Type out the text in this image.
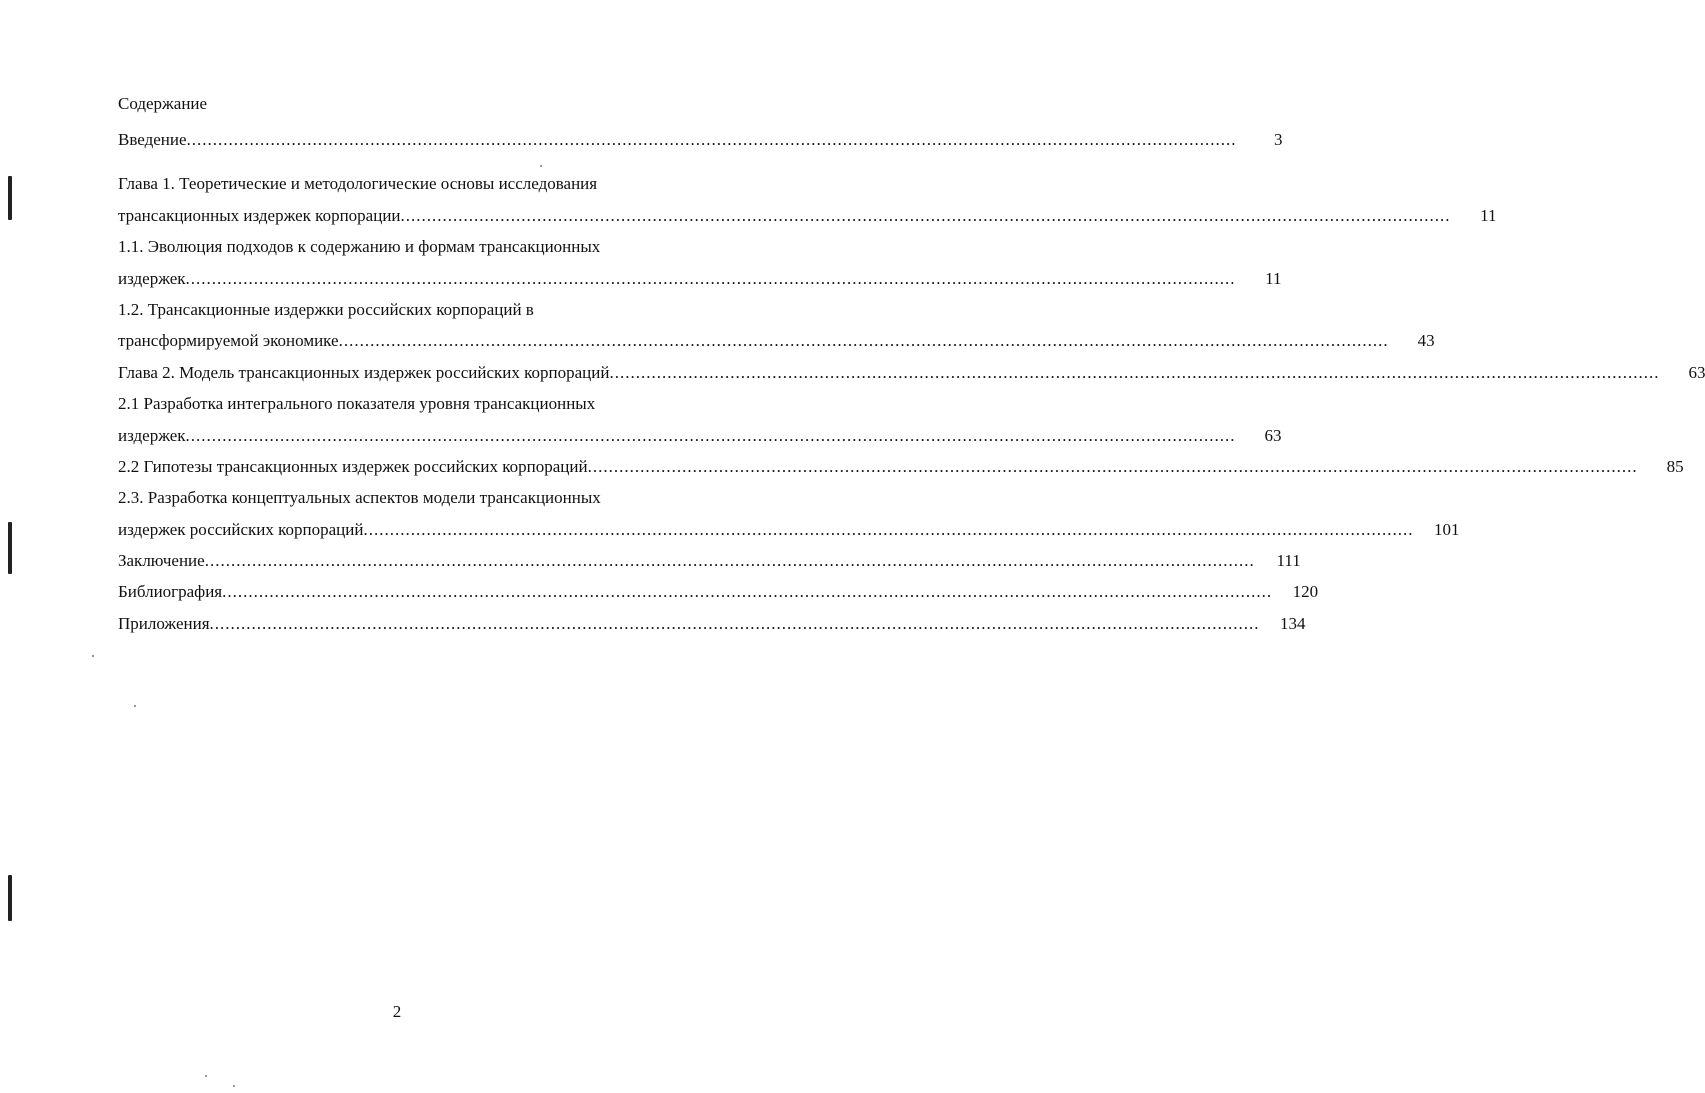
Содержание
Введение ........................................................................................................................................................................................................	3
Глава 1. Теоретические и методологические основы исследования
трансакционных издержек корпорации ........................................................................................................................................................................................................	11
1.1. Эволюция подходов к содержанию и формам трансакционных
издержек ........................................................................................................................................................................................................	11
1.2. Трансакционные издержки российских корпораций в
трансформируемой экономике ........................................................................................................................................................................................................	43
Глава 2. Модель трансакционных издержек российских корпораций ........................................................................................................................................................................................................	63
2.1 Разработка интегрального показателя уровня трансакционных
издержек ........................................................................................................................................................................................................	63
2.2 Гипотезы трансакционных издержек российских корпораций ........................................................................................................................................................................................................	85
2.3. Разработка концептуальных аспектов модели трансакционных
издержек российских корпораций ........................................................................................................................................................................................................	101
Заключение ........................................................................................................................................................................................................	111
Библиография ........................................................................................................................................................................................................	120
Приложения ........................................................................................................................................................................................................	134
2
